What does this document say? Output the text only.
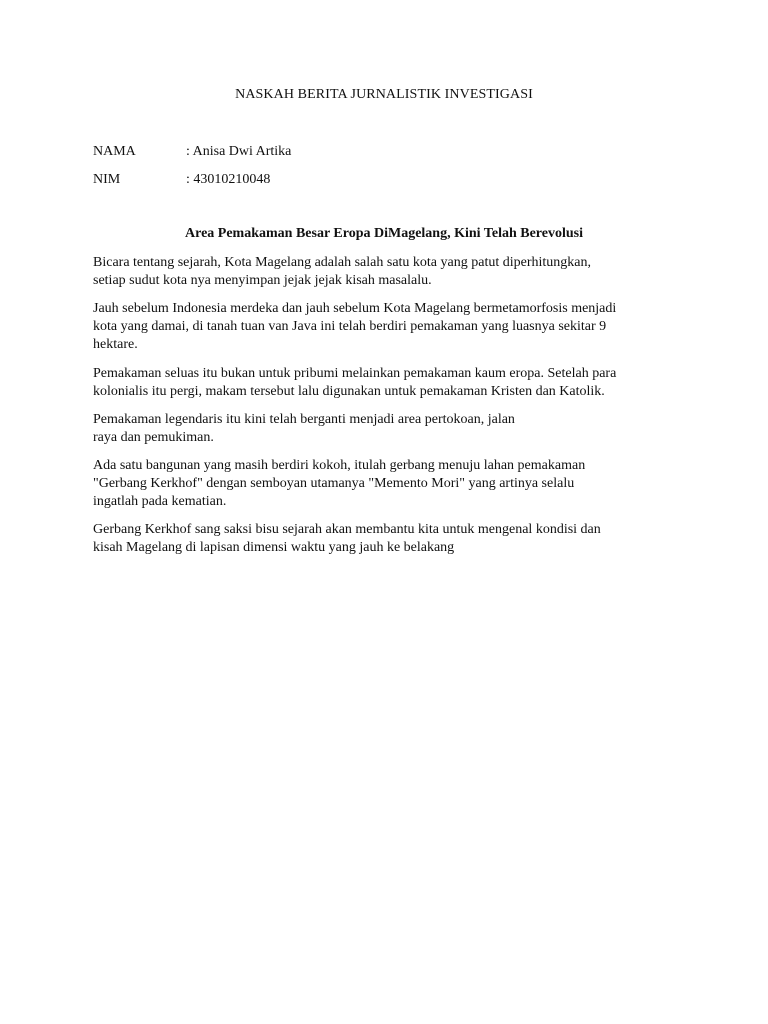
NASKAH BERITA JURNALISTIK INVESTIGASI
NAMA	: Anisa Dwi Artika
NIM	: 43010210048
Area Pemakaman Besar Eropa DiMagelang, Kini Telah Berevolusi

Bicara tentang sejarah, Kota Magelang adalah salah satu kota yang patut diperhitungkan,
setiap sudut kota nya menyimpan jejak jejak kisah masalalu.

Jauh sebelum Indonesia merdeka dan jauh sebelum Kota Magelang bermetamorfosis menjadi
kota yang damai, di tanah tuan van Java ini telah berdiri pemakaman yang luasnya sekitar 9
hektare.

Pemakaman seluas itu bukan untuk pribumi melainkan pemakaman kaum eropa. Setelah para
kolonialis itu pergi, makam tersebut lalu digunakan untuk pemakaman Kristen dan Katolik.

Pemakaman legendaris itu kini telah berganti menjadi area pertokoan, jalan
raya dan pemukiman.

Ada satu bangunan yang masih berdiri kokoh, itulah gerbang menuju lahan pemakaman
"Gerbang Kerkhof" dengan semboyan utamanya "Memento Mori" yang artinya selalu
ingatlah pada kematian.

Gerbang Kerkhof sang saksi bisu sejarah akan membantu kita untuk mengenal kondisi dan
kisah Magelang di lapisan dimensi waktu yang jauh ke belakang
